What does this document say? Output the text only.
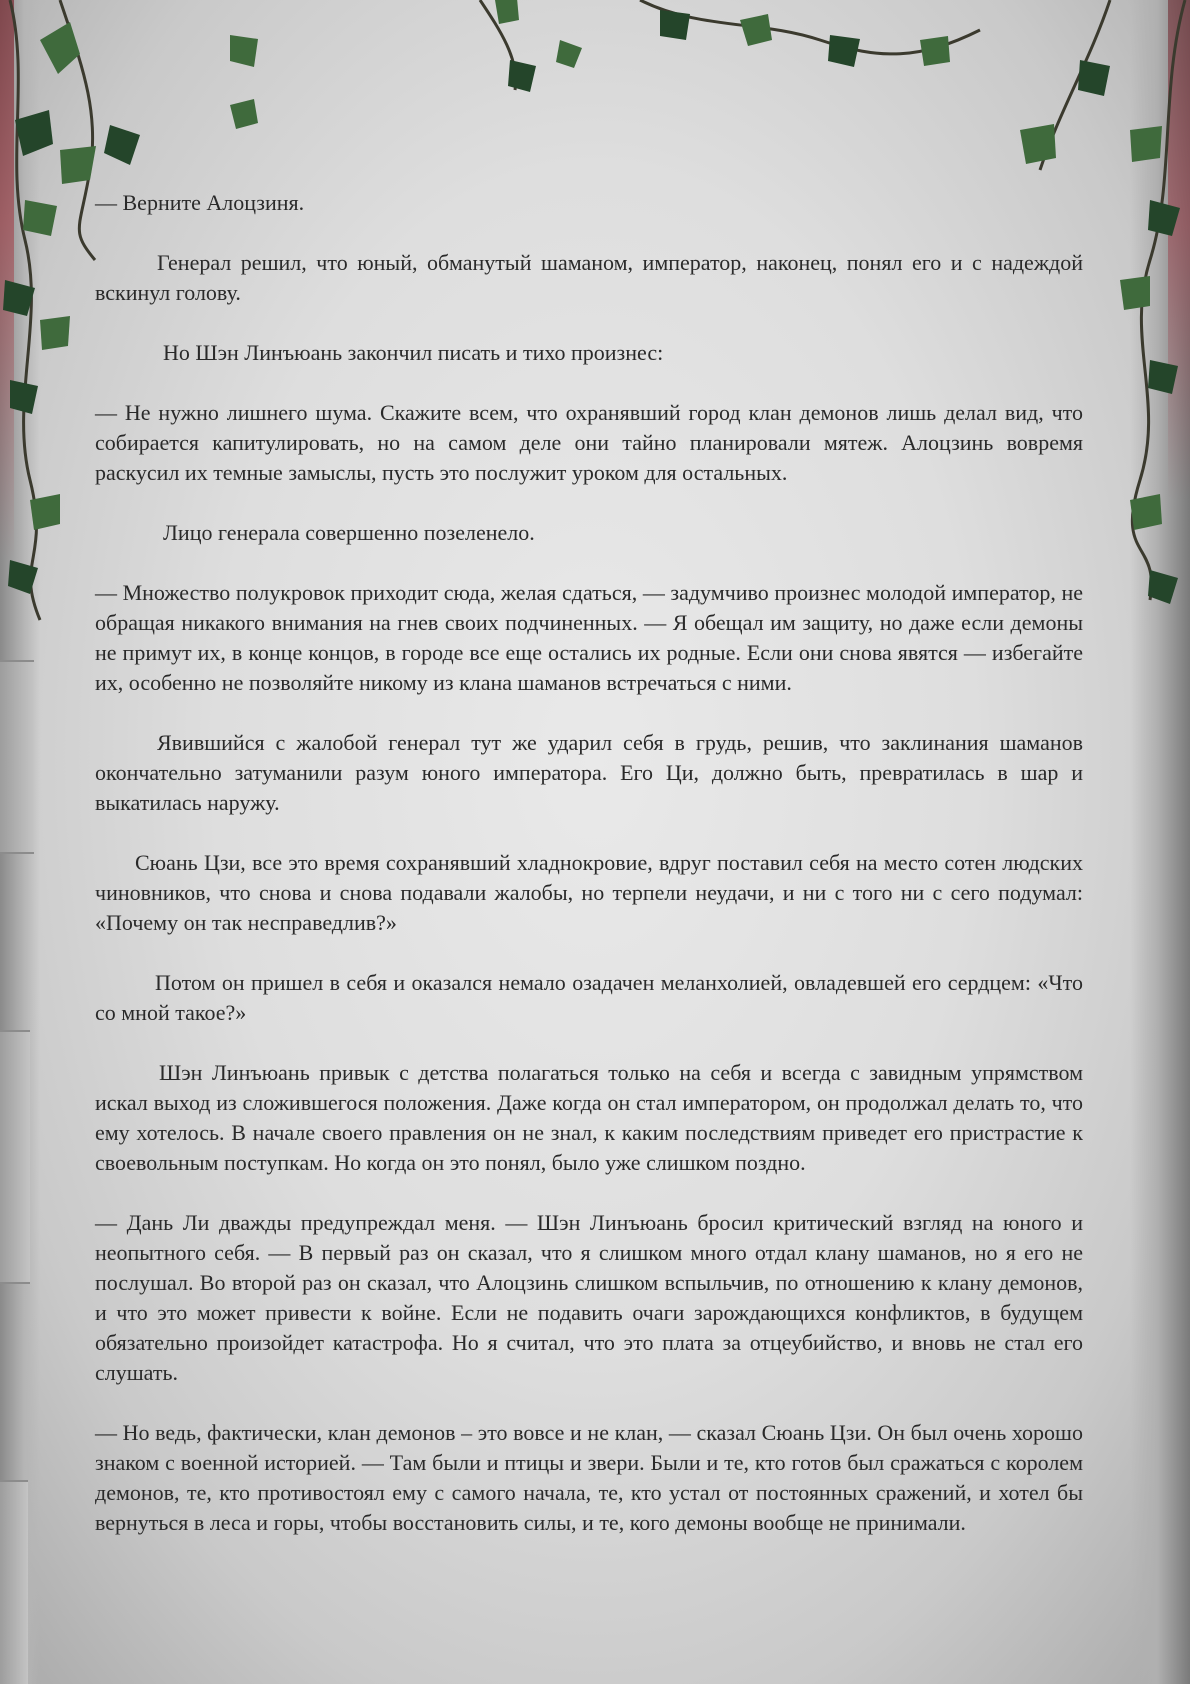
— Верните Алоцзиня.

Генерал решил, что юный, обманутый шаманом, император, наконец, понял его и с надеждой вскинул голову.

Но Шэн Линъюань закончил писать и тихо произнес:

— Не нужно лишнего шума. Скажите всем, что охранявший город клан демонов лишь делал вид, что собирается капитулировать, но на самом деле они тайно планировали мятеж. Алоцзинь вовремя раскусил их темные замыслы, пусть это послужит уроком для остальных.

Лицо генерала совершенно позеленело.

— Множество полукровок приходит сюда, желая сдаться, — задумчиво произнес молодой император, не обращая никакого внимания на гнев своих подчиненных. — Я обещал им защиту, но даже если демоны не примут их, в конце концов, в городе все еще остались их родные. Если они снова явятся — избегайте их, особенно не позволяйте никому из клана шаманов встречаться с ними.

Явившийся с жалобой генерал тут же ударил себя в грудь, решив, что заклинания шаманов окончательно затуманили разум юного императора. Его Ци, должно быть, превратилась в шар и выкатилась наружу.

Сюань Цзи, все это время сохранявший хладнокровие, вдруг поставил себя на место сотен людских чиновников, что снова и снова подавали жалобы, но терпели неудачи, и ни с того ни с сего подумал: «Почему он так несправедлив?»

Потом он пришел в себя и оказался немало озадачен меланхолией, овладевшей его сердцем: «Что со мной такое?»

Шэн Линъюань привык с детства полагаться только на себя и всегда с завидным упрямством искал выход из сложившегося положения. Даже когда он стал императором, он продолжал делать то, что ему хотелось. В начале своего правления он не знал, к каким последствиям приведет его пристрастие к своевольным поступкам. Но когда он это понял, было уже слишком поздно.

— Дань Ли дважды предупреждал меня. — Шэн Линъюань бросил критический взгляд на юного и неопытного себя. — В первый раз он сказал, что я слишком много отдал клану шаманов, но я его не послушал. Во второй раз он сказал, что Алоцзинь слишком вспыльчив, по отношению к клану демонов, и что это может привести к войне. Если не подавить очаги зарождающихся конфликтов, в будущем обязательно произойдет катастрофа. Но я считал, что это плата за отцеубийство, и вновь не стал его слушать.

— Но ведь, фактически, клан демонов – это вовсе и не клан, — сказал Сюань Цзи. Он был очень хорошо знаком с военной историей. — Там были и птицы и звери. Были и те, кто готов был сражаться с королем демонов, те, кто противостоял ему с самого начала, те, кто устал от постоянных сражений, и хотел бы вернуться в леса и горы, чтобы восстановить силы, и те, кого демоны вообще не принимали.
